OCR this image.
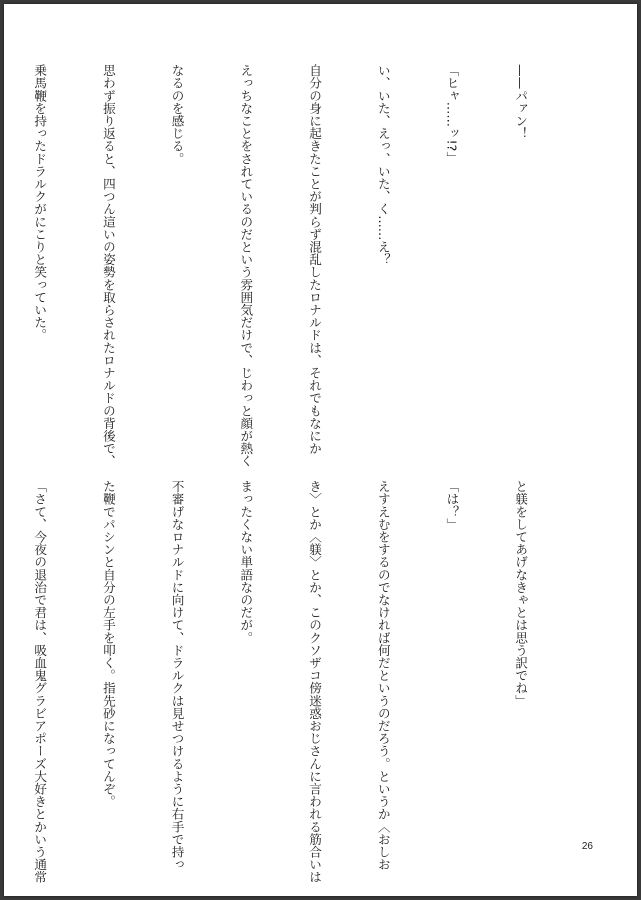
——パァン！

「ヒャ……ッ!?」

い、いた、えっ、いた、く……え？

自分の身に起きたことが判らず混乱したロナルドは、それでもなにか

えっちなことをされているのだという雰囲気だけで、じわっと顔が熱く

なるのを感じる。

思わず振り返ると、四つん這いの姿勢を取らされたロナルドの背後で、

乗馬鞭を持ったドラルクがにこりと笑っていた。

と躾をしてあげなきゃとは思う訳でね」

「は？」

えすえむをするのでなければ何だというのだろう。というか〈おしお

き〉とか〈躾〉とか、このクソザコ傍迷惑おじさんに言われる筋合いは

まったくない単語なのだが。

不審げなロナルドに向けて、ドラルクは見せつけるように右手で持っ

た鞭でパシンと自分の左手を叩く。指先砂になってんぞ。

「さて、今夜の退治で君は、吸血鬼グラビアポーズ大好きとかいう通常

	26
